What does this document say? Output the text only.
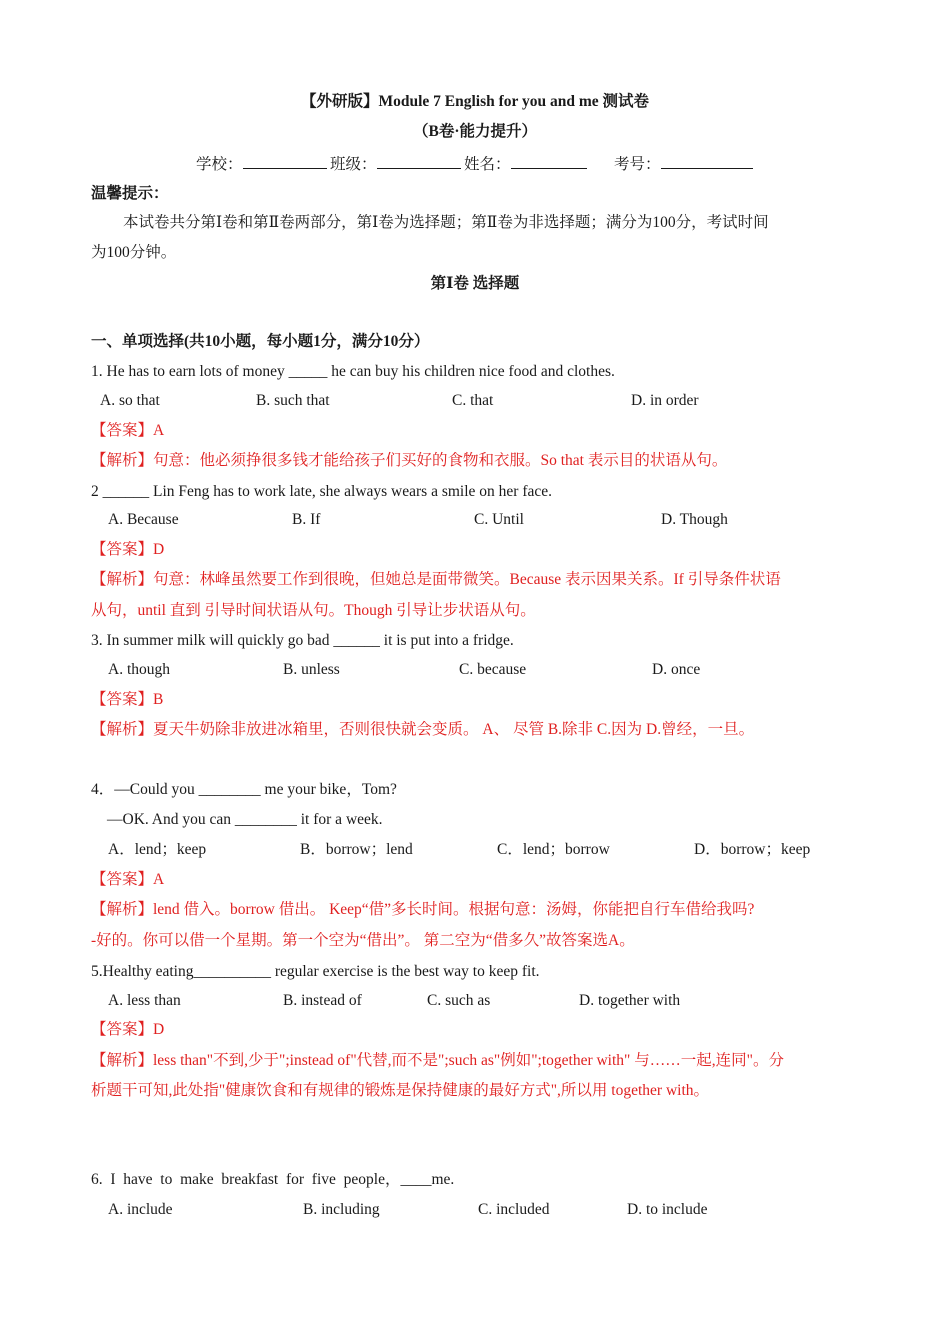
【外研版】Module 7 English for you and me 测试卷
（B卷·能力提升）
学校：	班级：	姓名：	考号：
温馨提示：
本试卷共分第Ⅰ卷和第Ⅱ卷两部分，第Ⅰ卷为选择题；第Ⅱ卷为非选择题；满分为100分，考试时间
为100分钟。
第Ⅰ卷 选择题
一、单项选择(共10小题，每小题1分，满分10分）
1. He has to earn lots of money _____ he can buy his children nice food and clothes.
A. so that	B. such that	C. that	D. in order
【答案】A
【解析】句意：他必须挣很多钱才能给孩子们买好的食物和衣服。So that 表示目的状语从句。
2 ______ Lin Feng has to work late, she always wears a smile on her face.
A. Because	B. If	C. Until	D. Though
【答案】D
【解析】句意：林峰虽然要工作到很晚，但她总是面带微笑。Because 表示因果关系。If 引导条件状语
从句，until 直到 引导时间状语从句。Though 引导让步状语从句。
3. In summer milk will quickly go bad ______ it is put into a fridge.
A. though	B. unless	C. because	D. once
【答案】B
【解析】夏天牛奶除非放进冰箱里，否则很快就会变质。 A、 尽管 B.除非 C.因为 D.曾经，一旦。
4．—Could you ________ me your bike，Tom?
—OK. And you can ________ it for a week.
A．lend；keep	B．borrow；lend	C．lend；borrow	D．borrow；keep
【答案】A
【解析】lend 借入。borrow 借出。 Keep“借”多长时间。根据句意：汤姆，你能把自行车借给我吗?
-好的。你可以借一个星期。第一个空为“借出”。 第二空为“借多久”故答案选A。
5.Healthy eating__________ regular exercise is the best way to keep fit.
A. less than	B. instead of	C. such as	D. together with
【答案】D
【解析】less than"不到,少于";instead of"代替,而不是";such as"例如";together with" 与……一起,连同"。分
析题干可知,此处指"健康饮食和有规律的锻炼是保持健康的最好方式",所以用 together with。
6.  I  have  to  make  breakfast  for  five  people，____me.
A. include	B. including	C. included	D. to include
